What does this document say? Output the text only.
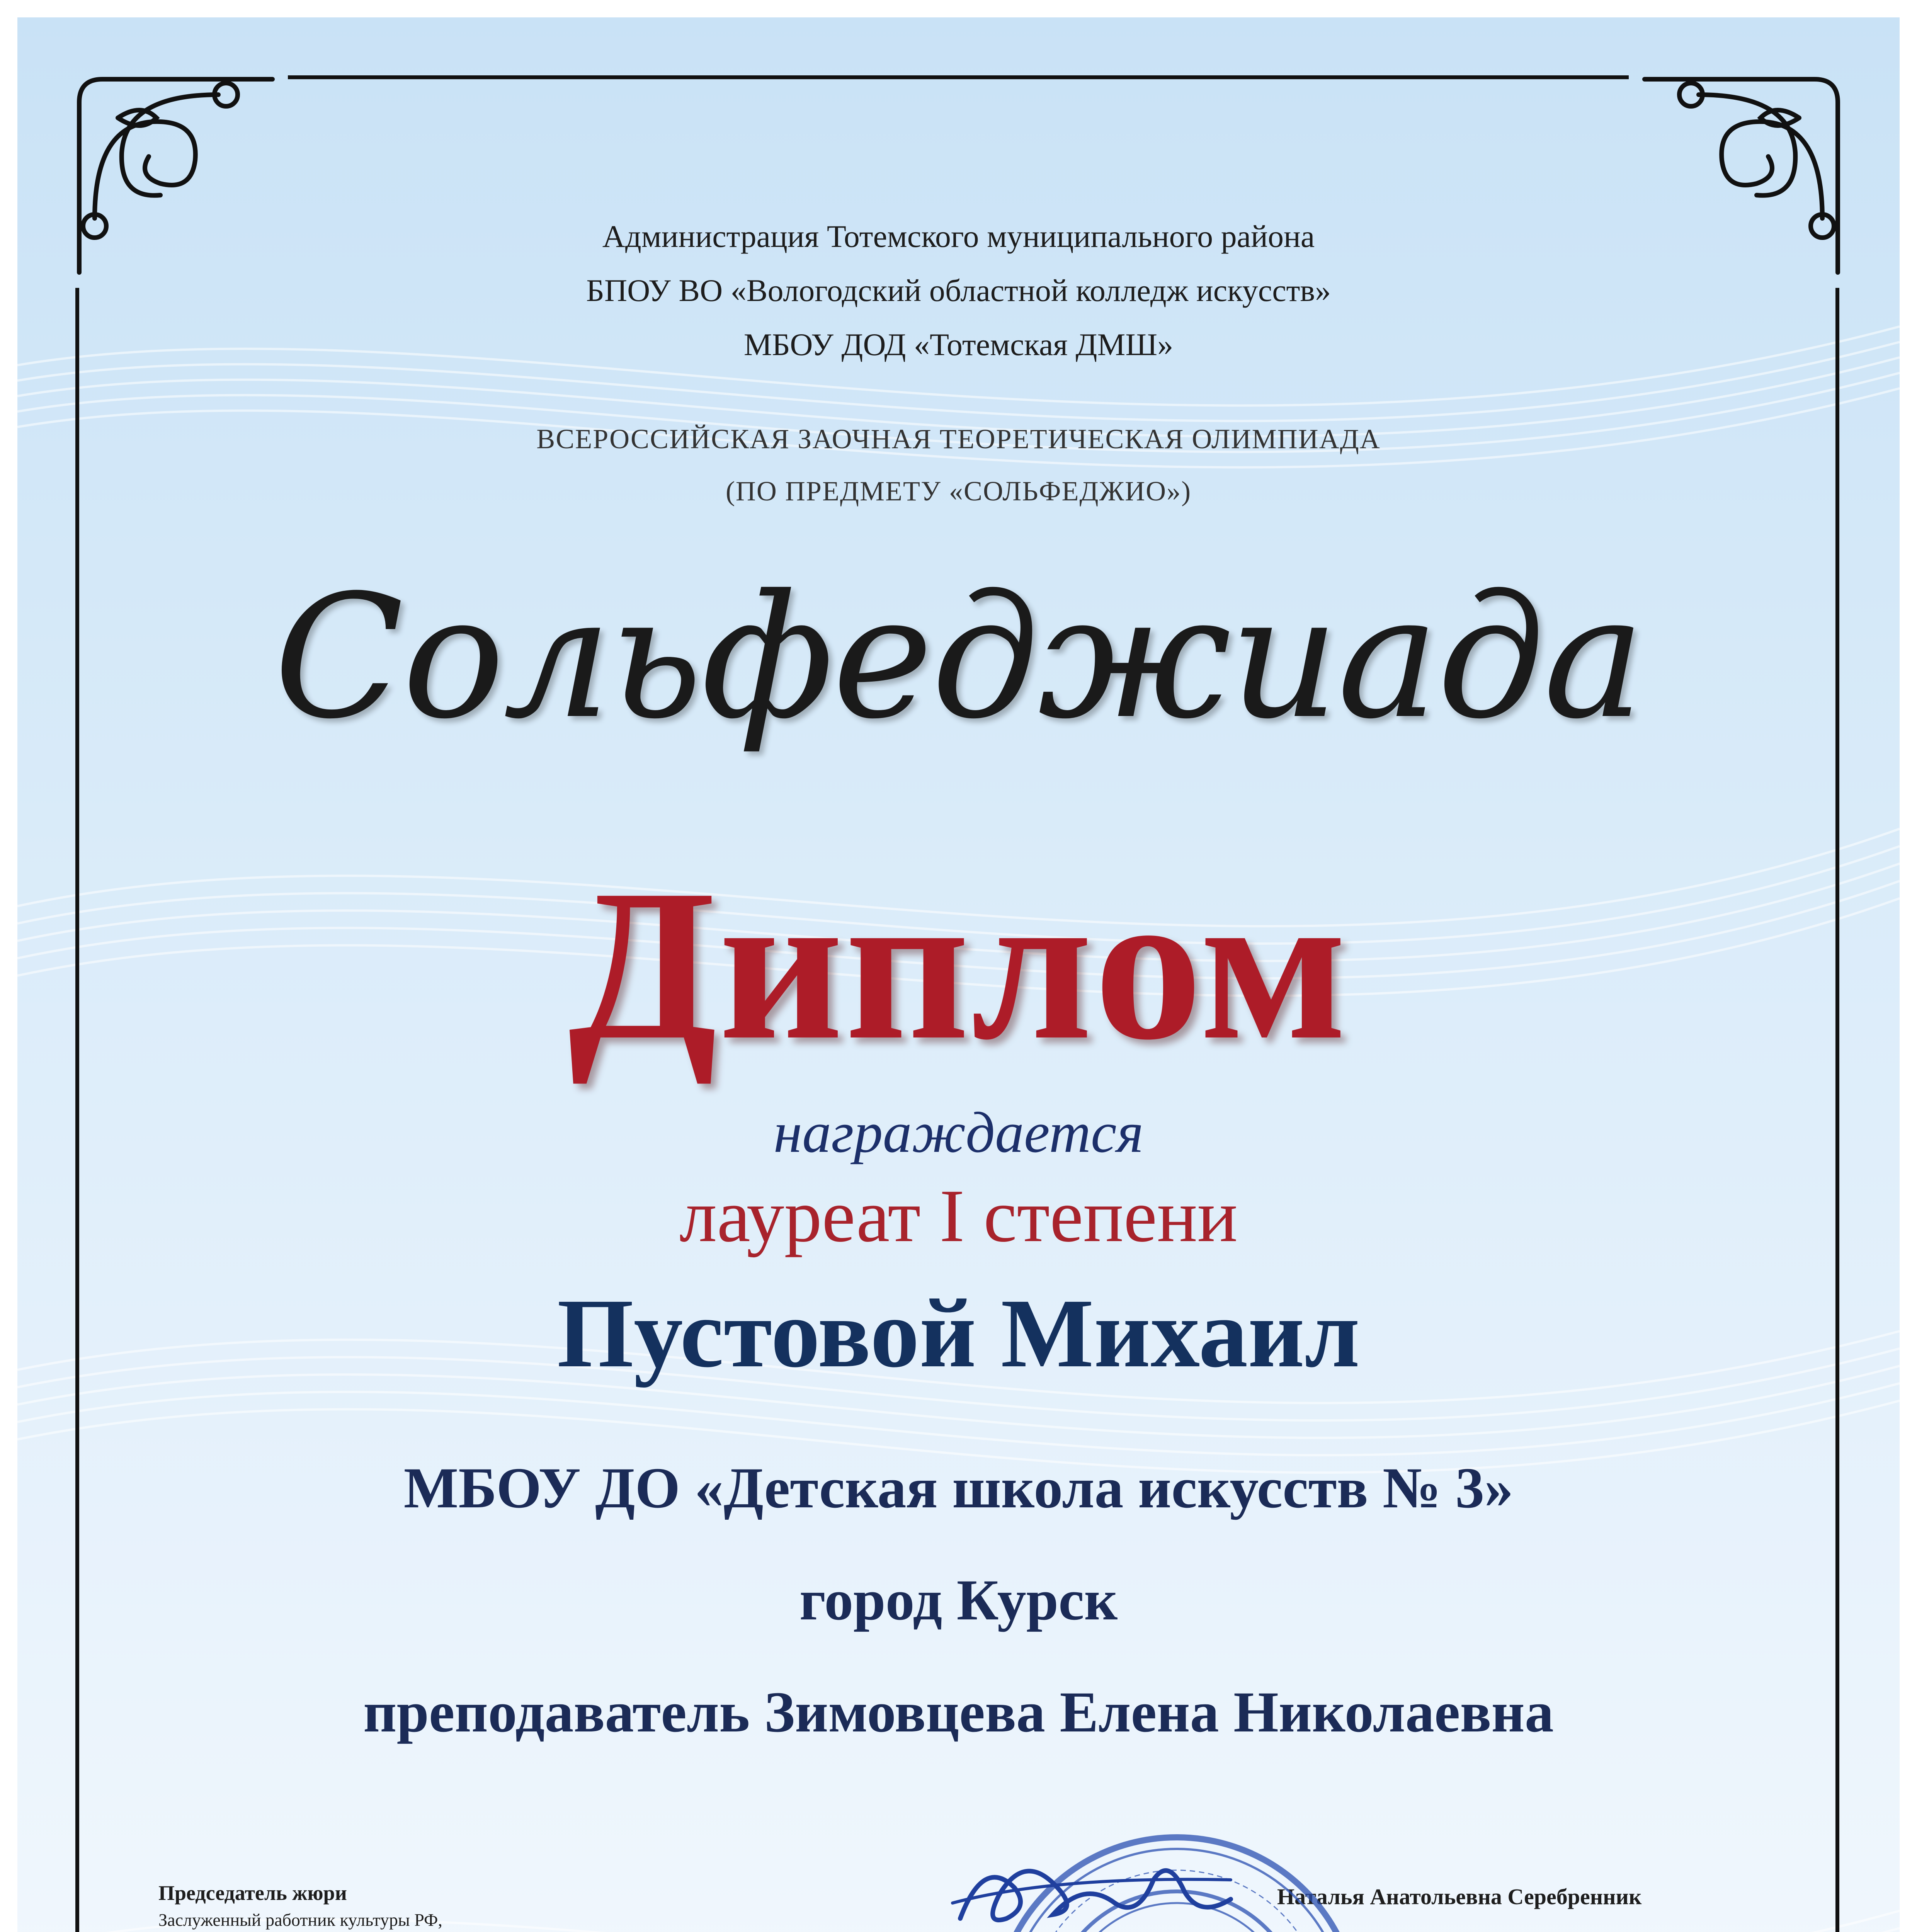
Администрация Тотемского муниципального района
БПОУ ВО «Вологодский областной колледж искусств»
МБОУ ДОД «Тотемская ДМШ»
ВСЕРОССИЙСКАЯ ЗАОЧНАЯ ТЕОРЕТИЧЕСКАЯ ОЛИМПИАДА
(ПО ПРЕДМЕТУ «СОЛЬФЕДЖИО»)
Сольфеджиада
Диплом
награждается
лауреат I степени
Пустовой Михаил
МБОУ ДО «Детская школа искусств № 3»
город Курск
преподаватель Зимовцева Елена Николаевна
Председатель жюри
Заслуженный работник культуры РФ,
Наталья Анатольевна Серебренник
